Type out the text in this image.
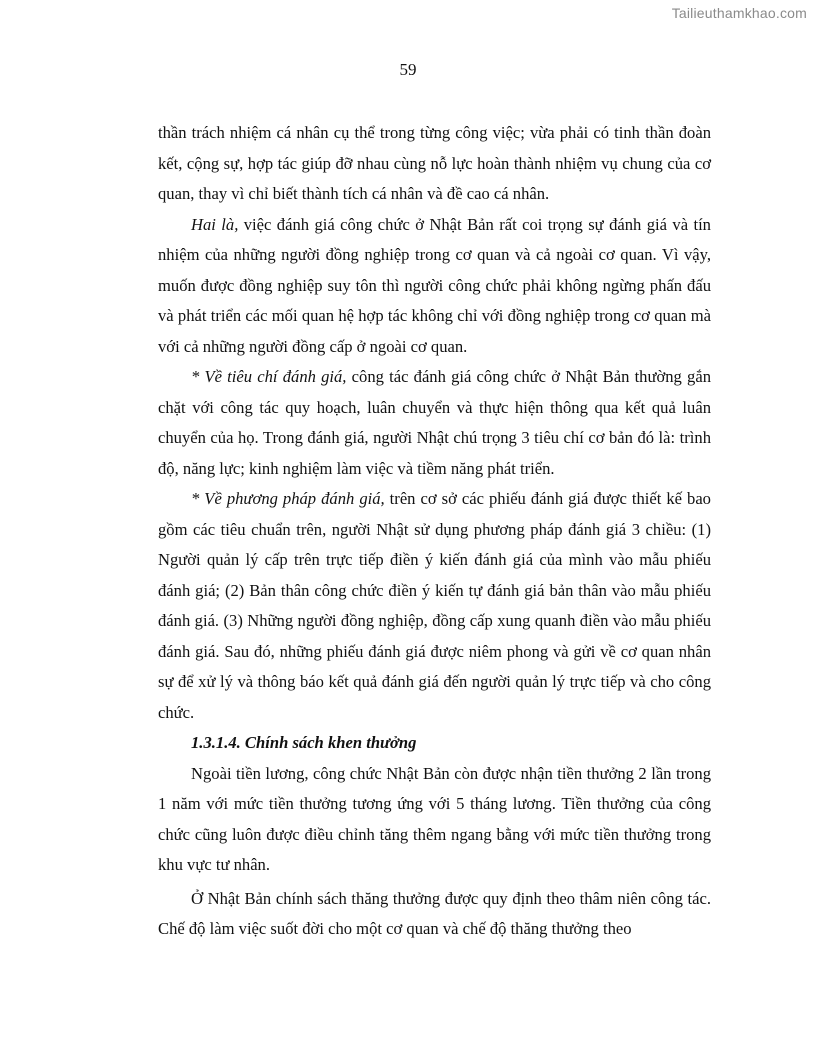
Tailieuthamkhao.com
59

thần trách nhiệm cá nhân cụ thể trong từng công việc; vừa phải có tinh thần đoàn kết, cộng sự, hợp tác giúp đỡ nhau cùng nỗ lực hoàn thành nhiệm vụ chung của cơ quan, thay vì chỉ biết thành tích cá nhân và đề cao cá nhân.

Hai là, việc đánh giá công chức ở Nhật Bản rất coi trọng sự đánh giá và tín nhiệm của những người đồng nghiệp trong cơ quan và cả ngoài cơ quan. Vì vậy, muốn được đồng nghiệp suy tôn thì người công chức phải không ngừng phấn đấu và phát triển các mối quan hệ hợp tác không chỉ với đồng nghiệp trong cơ quan mà với cả những người đồng cấp ở ngoài cơ quan.

* Về tiêu chí đánh giá, công tác đánh giá công chức ở Nhật Bản thường gắn chặt với công tác quy hoạch, luân chuyển và thực hiện thông qua kết quả luân chuyển của họ. Trong đánh giá, người Nhật chú trọng 3 tiêu chí cơ bản đó là: trình độ, năng lực; kinh nghiệm làm việc và tiềm năng phát triển.

* Về phương pháp đánh giá, trên cơ sở các phiếu đánh giá được thiết kế bao gồm các tiêu chuẩn trên, người Nhật sử dụng phương pháp đánh giá 3 chiều: (1) Người quản lý cấp trên trực tiếp điền ý kiến đánh giá của mình vào mẫu phiếu đánh giá; (2) Bản thân công chức điền ý kiến tự đánh giá bản thân vào mẫu phiếu đánh giá. (3) Những người đồng nghiệp, đồng cấp xung quanh điền vào mẫu phiếu đánh giá. Sau đó, những phiếu đánh giá được niêm phong và gửi về cơ quan nhân sự để xử lý và thông báo kết quả đánh giá đến người quản lý trực tiếp và cho công chức.

1.3.1.4. Chính sách khen thưởng

Ngoài tiền lương, công chức Nhật Bản còn được nhận tiền thưởng 2 lần trong 1 năm với mức tiền thưởng tương ứng với 5 tháng lương. Tiền thưởng của công chức cũng luôn được điều chỉnh tăng thêm ngang bằng với mức tiền thưởng trong khu vực tư nhân.

Ở Nhật Bản chính sách thăng thưởng được quy định theo thâm niên công tác. Chế độ làm việc suốt đời cho một cơ quan và chế độ thăng thưởng theo
